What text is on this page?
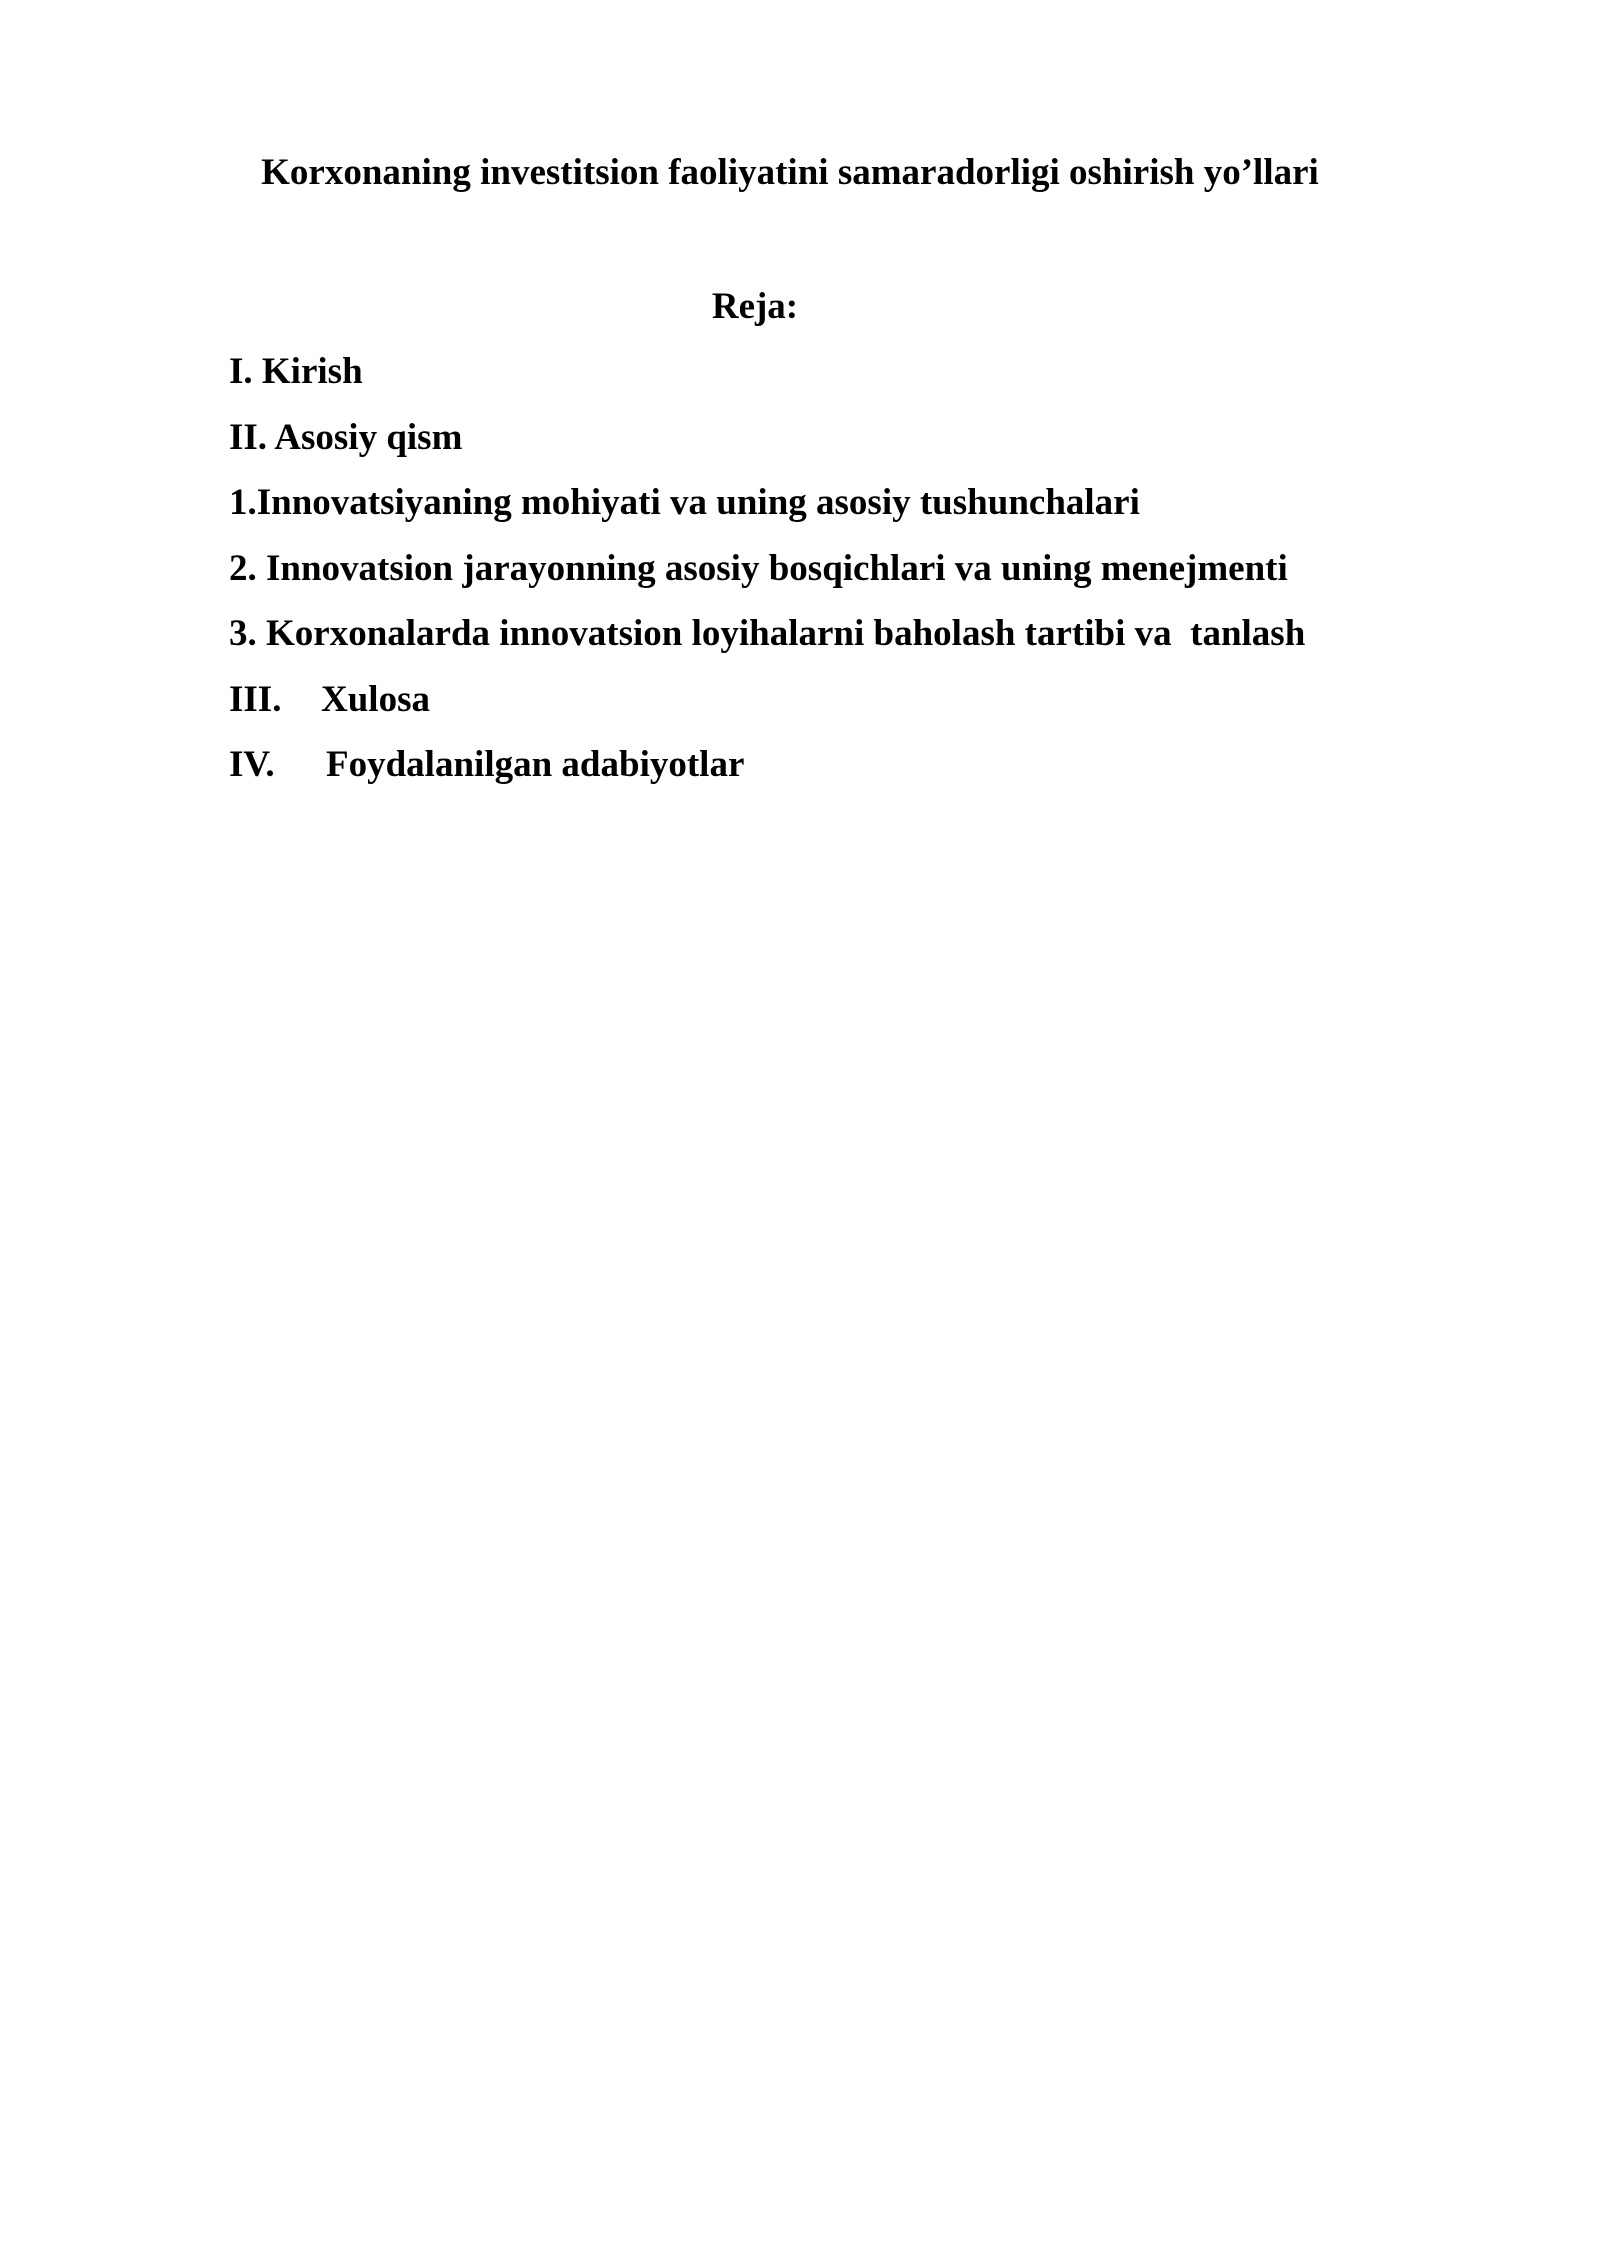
Korxonaning investitsion faoliyatini samaradorligi oshirish yo’llari
Reja:
I. Kirish
II. Asosiy qism
1.Innovatsiyaning mohiyati va uning asosiy tushunchalari
2. Innovatsion jarayonning asosiy bosqichlari va uning menejmenti
3. Korxonalarda innovatsion loyihalarni baholash tartibi va  tanlash
III. Xulosa
IV. Foydalanilgan adabiyotlar
